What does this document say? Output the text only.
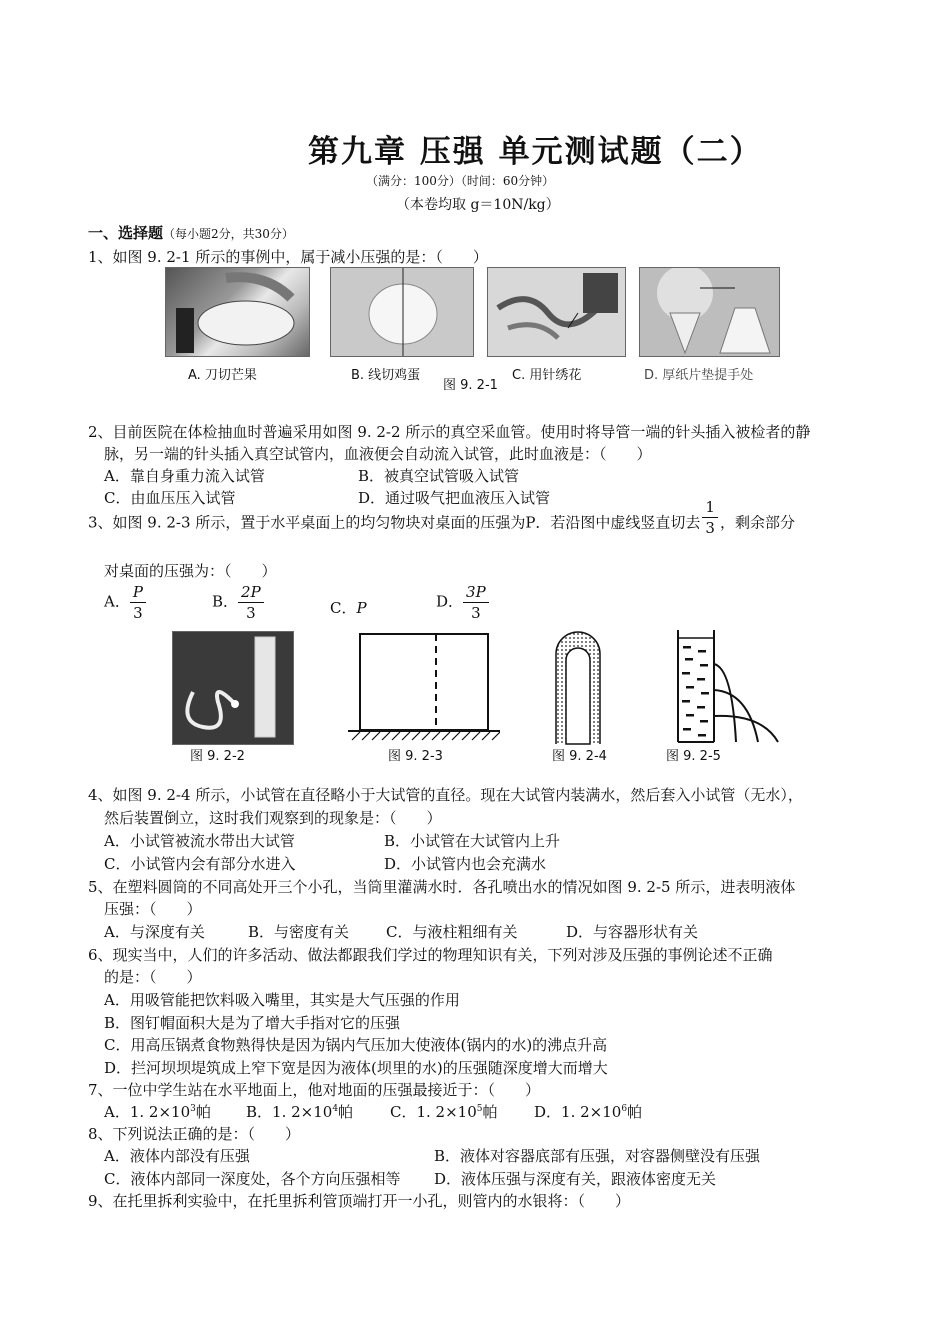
第九章 压强 单元测试题（二）
（满分：100分）（时间：60分钟）
（本卷均取 g＝10N/kg）
一、选择题（每小题2分，共30分）
1、如图 9. 2-1 所示的事例中，属于减小压强的是：（　　）
A. 刀切芒果	B. 线切鸡蛋
图 9. 2-1
C. 用针绣花	D. 厚纸片垫提手处
2、目前医院在体检抽血时普遍采用如图 9. 2-2 所示的真空采血管。使用时将导管一端的针头插入被检者的静
脉，另一端的针头插入真空试管内，血液便会自动流入试管，此时血液是：（　　）
A．靠自身重力流入试管	B．被真空试管吸入试管
C．由血压压入试管	D．通过吸气把血液压入试管
3、如图 9. 2-3 所示，置于水平桌面上的均匀物块对桌面的压强为P．若沿图中虚线竖直切去 $\frac{1}{3}$ ，剩余部分
对桌面的压强为：（　　）
A． $\frac{P}{3}$	B． $\frac{2P}{3}$	C．P	D． $\frac{3P}{3}$
图 9. 2-2	图 9. 2-3	图 9. 2-4	图 9. 2-5
4、如图 9. 2-4 所示，小试管在直径略小于大试管的直径。现在大试管内装满水，然后套入小试管（无水），
然后装置倒立，这时我们观察到的现象是：（　　）
A．小试管被流水带出大试管	B．小试管在大试管内上升
C．小试管内会有部分水进入	D．小试管内也会充满水
5、在塑料圆筒的不同高处开三个小孔，当筒里灌满水时．各孔喷出水的情况如图 9. 2-5 所示，进表明液体
压强：（　　）
A．与深度有关	B．与密度有关 C．与液柱粗细有关	D．与容器形状有关
6、现实当中，人们的许多活动、做法都跟我们学过的物理知识有关，下列对涉及压强的事例论述不正确
的是：（　　）
A．用吸管能把饮料吸入嘴里，其实是大气压强的作用
B．图钉帽面积大是为了增大手指对它的压强
C．用高压锅煮食物熟得快是因为锅内气压加大使液体(锅内的水)的沸点升高
D．拦河坝坝堤筑成上窄下宽是因为液体(坝里的水)的压强随深度增大而增大
7、一位中学生站在水平地面上，他对地面的压强最接近于：（　　）
A．1. $2\times 10^3$帕 B．1. $2\times 10^4$帕 C．1. $2\times 10^5$帕 D．1. $2\times 10^6$帕
8、下列说法正确的是：（　　）
A．液体内部没有压强	B．液体对容器底部有压强，对容器侧壁没有压强
C．液体内部同一深度处，各个方向压强相等 D．液体压强与深度有关，跟液体密度无关
9、在托里拆利实验中，在托里拆利管顶端打开一小孔，则管内的水银将：（　　）
